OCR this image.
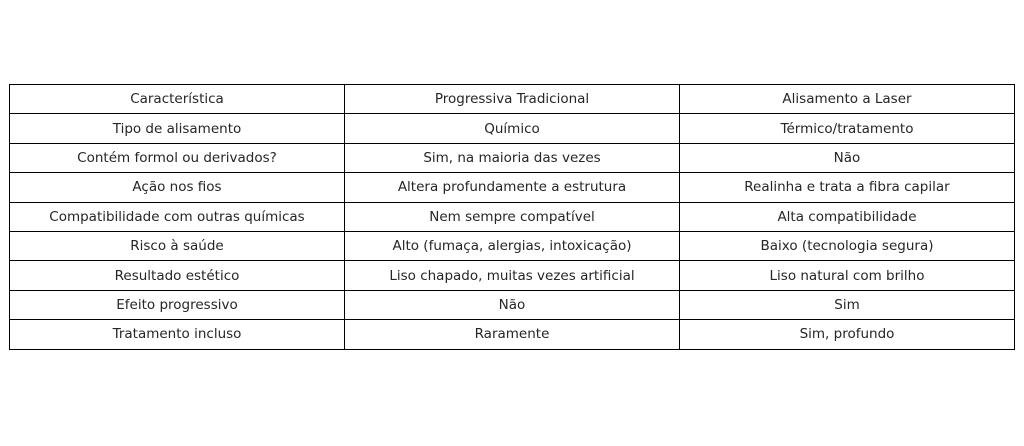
Característica	Progressiva Tradicional	Alisamento a Laser
Tipo de alisamento	Químico	Térmico/tratamento
Contém formol ou derivados?	Sim, na maioria das vezes	Não
Ação nos fios	Altera profundamente a estrutura	Realinha e trata a fibra capilar
Compatibilidade com outras químicas	Nem sempre compatível	Alta compatibilidade
Risco à saúde	Alto (fumaça, alergias, intoxicação)	Baixo (tecnologia segura)
Resultado estético	Liso chapado, muitas vezes artificial	Liso natural com brilho
Efeito progressivo	Não	Sim
Tratamento incluso	Raramente	Sim, profundo
